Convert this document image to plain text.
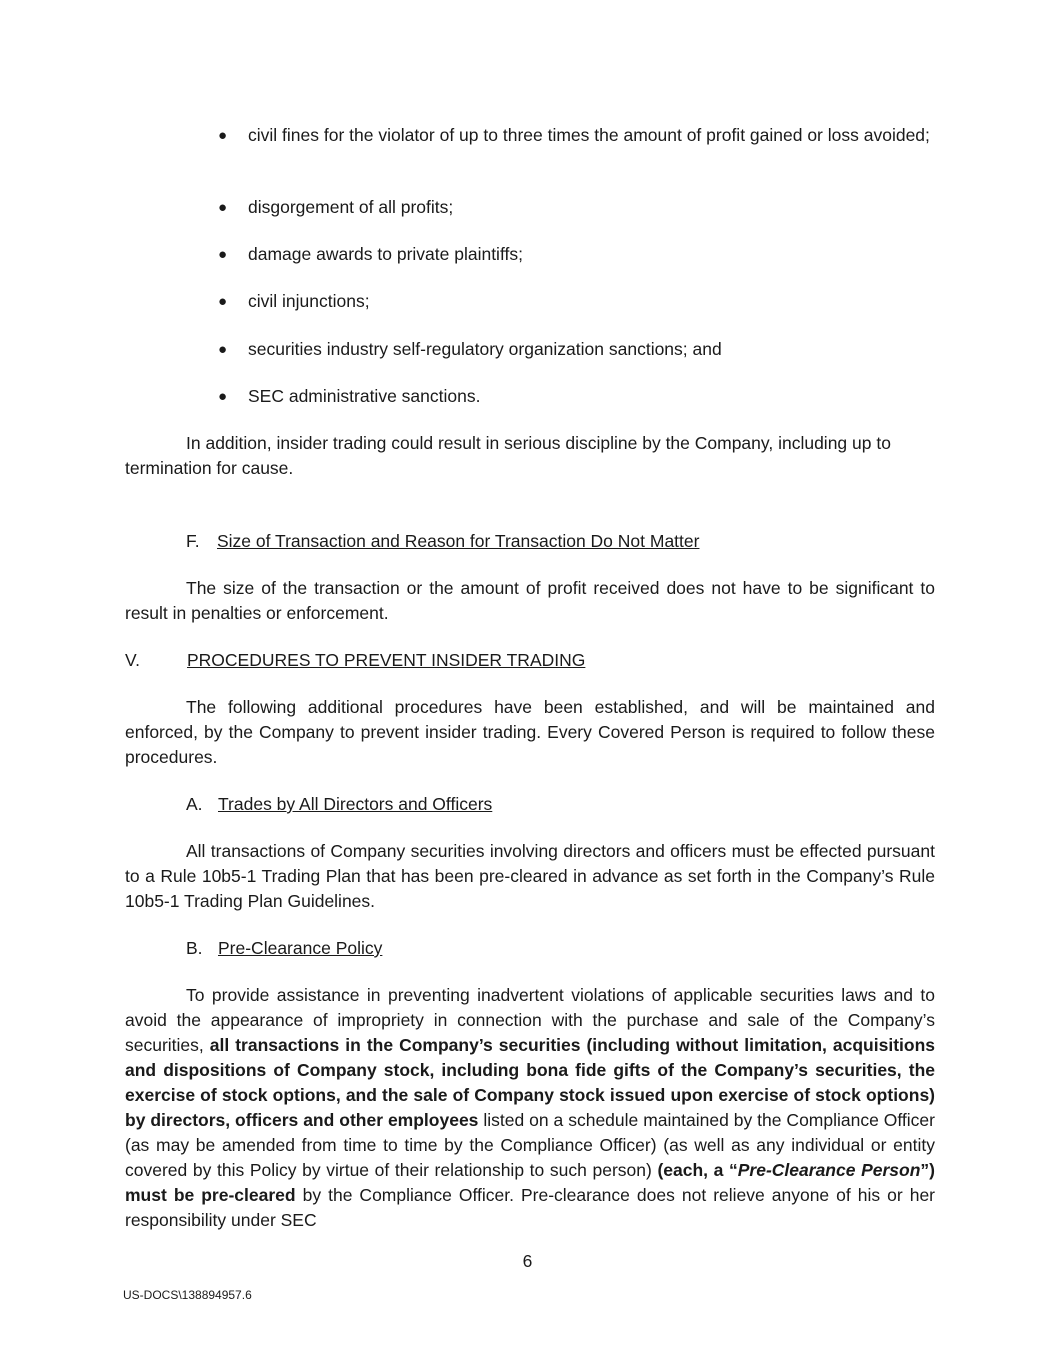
●	civil fines for the violator of up to three times the amount of profit gained or loss avoided;
●	disgorgement of all profits;
●	damage awards to private plaintiffs;
●	civil injunctions;
●	securities industry self-regulatory organization sanctions; and
●	SEC administrative sanctions.
In addition, insider trading could result in serious discipline by the Company, including up to termination for cause.
F. Size of Transaction and Reason for Transaction Do Not Matter
The size of the transaction or the amount of profit received does not have to be significant to result in penalties or enforcement.
V.	PROCEDURES TO PREVENT INSIDER TRADING
The following additional procedures have been established, and will be maintained and enforced, by the Company to prevent insider trading. Every Covered Person is required to follow these procedures.
A. Trades by All Directors and Officers
All transactions of Company securities involving directors and officers must be effected pursuant to a Rule 10b5-1 Trading Plan that has been pre-cleared in advance as set forth in the Company’s Rule 10b5-1 Trading Plan Guidelines.
B. Pre-Clearance Policy
To provide assistance in preventing inadvertent violations of applicable securities laws and to avoid the appearance of impropriety in connection with the purchase and sale of the Company’s securities, all transactions in the Company’s securities (including without limitation, acquisitions and dispositions of Company stock, including bona fide gifts of the Company’s securities, the exercise of stock options, and the sale of Company stock issued upon exercise of stock options) by directors, officers and other employees listed on a schedule maintained by the Compliance Officer (as may be amended from time to time by the Compliance Officer) (as well as any individual or entity covered by this Policy by virtue of their relationship to such person) (each, a “Pre-Clearance Person”) must be pre-cleared by the Compliance Officer. Pre-clearance does not relieve anyone of his or her responsibility under SEC
6
US-DOCS\138894957.6
